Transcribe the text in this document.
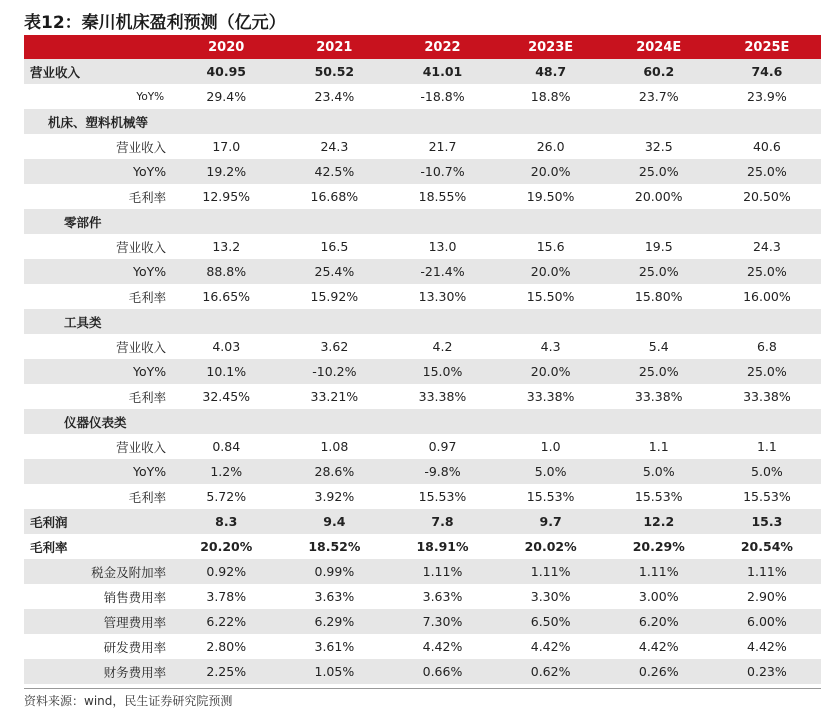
表12：秦川机床盈利预测（亿元）
	2020	2021	2022	2023E	2024E	2025E
营业收入	40.95	50.52	41.01	48.7	60.2	74.6
YoY%	29.4%	23.4%	-18.8%	18.8%	23.7%	23.9%
机床、塑料机械等						
营业收入	17.0	24.3	21.7	26.0	32.5	40.6
YoY%	19.2%	42.5%	-10.7%	20.0%	25.0%	25.0%
毛利率	12.95%	16.68%	18.55%	19.50%	20.00%	20.50%
零部件						
营业收入	13.2	16.5	13.0	15.6	19.5	24.3
YoY%	88.8%	25.4%	-21.4%	20.0%	25.0%	25.0%
毛利率	16.65%	15.92%	13.30%	15.50%	15.80%	16.00%
工具类						
营业收入	4.03	3.62	4.2	4.3	5.4	6.8
YoY%	10.1%	-10.2%	15.0%	20.0%	25.0%	25.0%
毛利率	32.45%	33.21%	33.38%	33.38%	33.38%	33.38%
仪器仪表类						
营业收入	0.84	1.08	0.97	1.0	1.1	1.1
YoY%	1.2%	28.6%	-9.8%	5.0%	5.0%	5.0%
毛利率	5.72%	3.92%	15.53%	15.53%	15.53%	15.53%
毛利润	8.3	9.4	7.8	9.7	12.2	15.3
毛利率	20.20%	18.52%	18.91%	20.02%	20.29%	20.54%
税金及附加率	0.92%	0.99%	1.11%	1.11%	1.11%	1.11%
销售费用率	3.78%	3.63%	3.63%	3.30%	3.00%	2.90%
管理费用率	6.22%	6.29%	7.30%	6.50%	6.20%	6.00%
研发费用率	2.80%	3.61%	4.42%	4.42%	4.42%	4.42%
财务费用率	2.25%	1.05%	0.66%	0.62%	0.26%	0.23%
资料来源：wind，民生证券研究院预测
